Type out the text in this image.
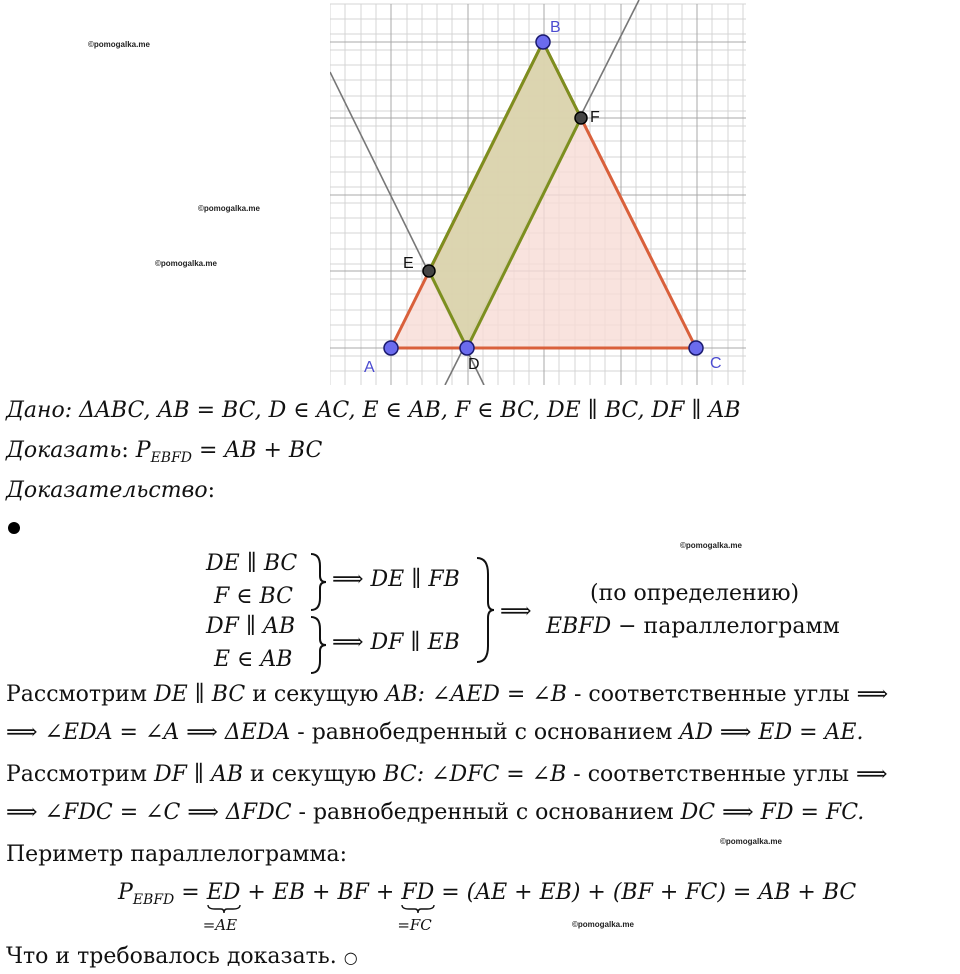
©pomogalka.me
©pomogalka.me
©pomogalka.me
©pomogalka.me
©pomogalka.me
©pomogalka.me
A
B
C
D
E
F
Дано: ΔABC, AB = BC, D ∈ AC, E ∈ AB, F ∈ BC, DE ∥ BC, DF ∥ AB
Доказать: $P_{EBFD}$ = AB + BC
Доказательство:
DE ∥ BC
F ∈ BC
DF ∥ AB
E ∈ AB
⟹ DE ∥ FB
⟹ DF ∥ EB
⟹
(по определению)
EBFD − параллелограмм
Рассмотрим DE ∥ BC и секущую AB: ∠AED = ∠B - соответственные углы ⟹
⟹ ∠EDA = ∠A ⟹ ΔEDA - равнобедренный с основанием AD ⟹ ED = AE.
Рассмотрим DF ∥ AB и секущую BC: ∠DFC = ∠B - соответственные углы ⟹
⟹ ∠FDC = ∠C ⟹ ΔFDC - равнобедренный с основанием DC ⟹ FD = FC.
Периметр параллелограмма:
$P_{EBFD}$ = ED
=AE
+ EB + BF + FD
=FC
= (AE + EB) + (BF + FC) = AB + BC
Что и требовалось доказать. ○
